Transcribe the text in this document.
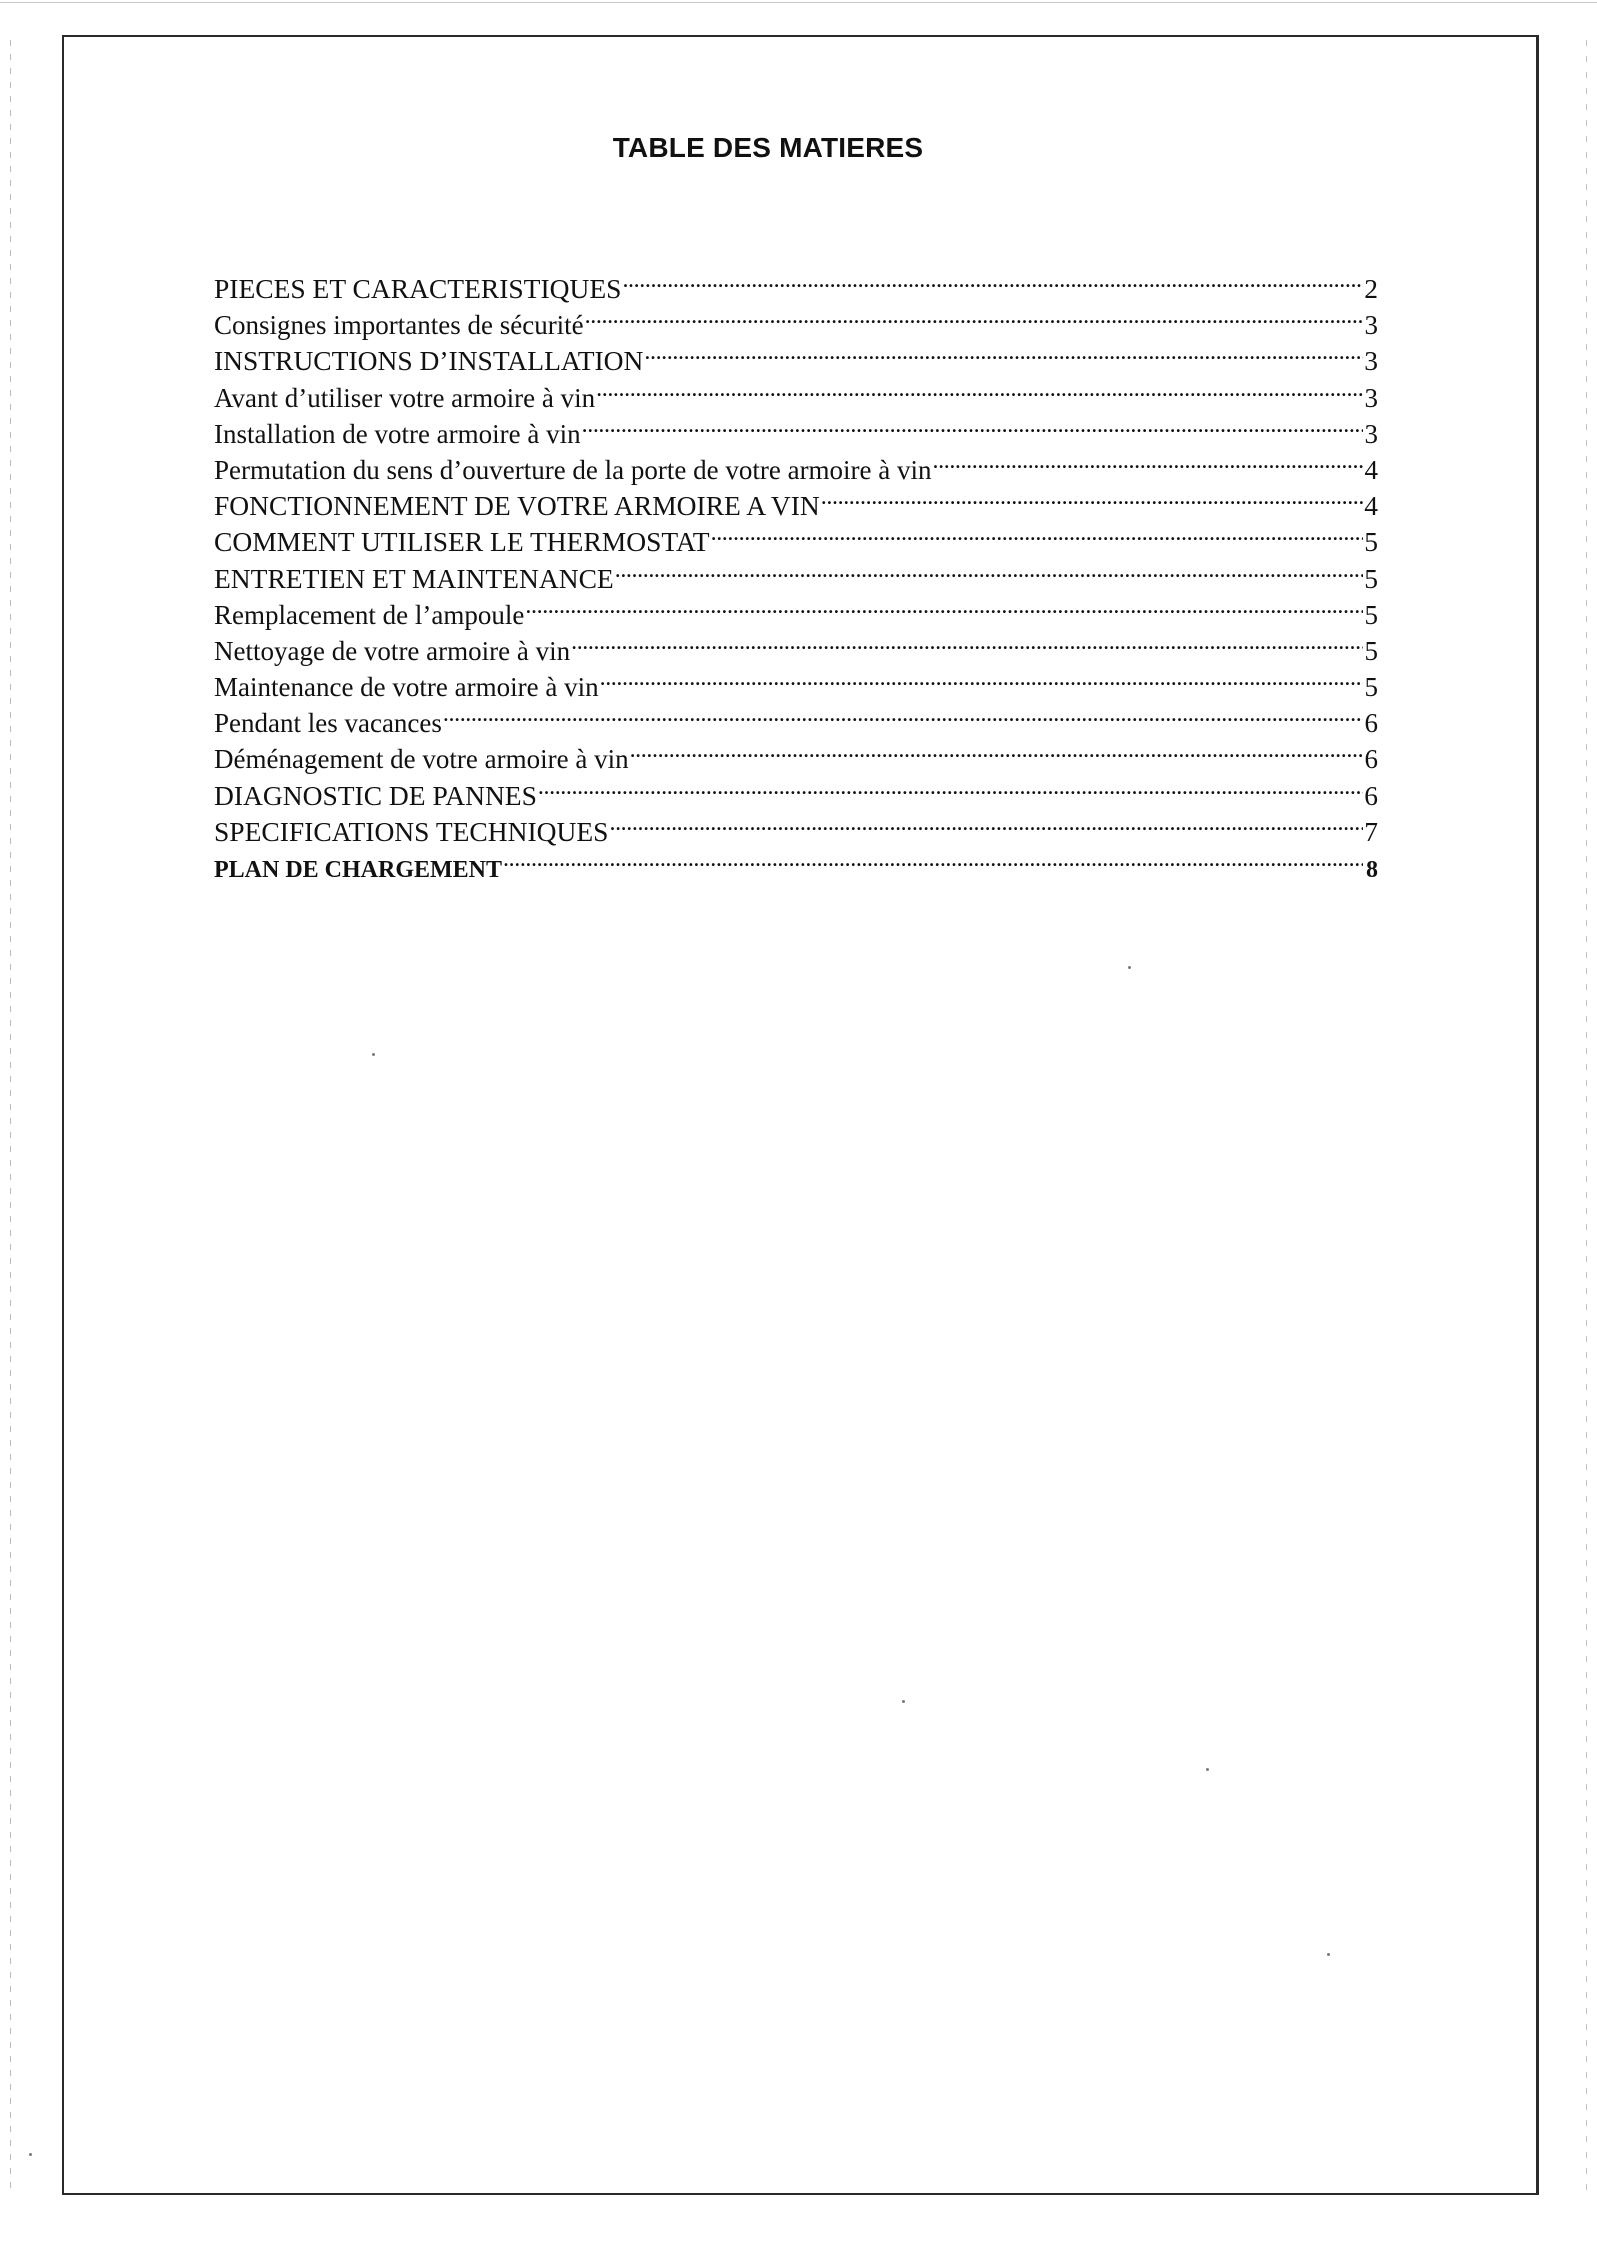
TABLE DES MATIERES
PIECES ET CARACTERISTIQUES . . .	2
Consignes importantes de sécurité . . .	3
INSTRUCTIONS D’INSTALLATION . . .	3
Avant d’utiliser votre armoire à vin . . .	3
Installation de votre armoire à vin . . .	3
Permutation du sens d’ouverture de la porte de votre armoire à vin . . .	4
FONCTIONNEMENT DE VOTRE ARMOIRE A VIN . . .	4
COMMENT UTILISER LE THERMOSTAT . . .	5
ENTRETIEN ET MAINTENANCE . . .	5
Remplacement de l’ampoule . . .	5
Nettoyage de votre armoire à vin . . .	5
Maintenance de votre armoire à vin . . .	5
Pendant les vacances . . .	6
Déménagement de votre armoire à vin . . .	6
DIAGNOSTIC DE PANNES . . .	6
SPECIFICATIONS TECHNIQUES . . .	7
PLAN DE CHARGEMENT . . .	8
